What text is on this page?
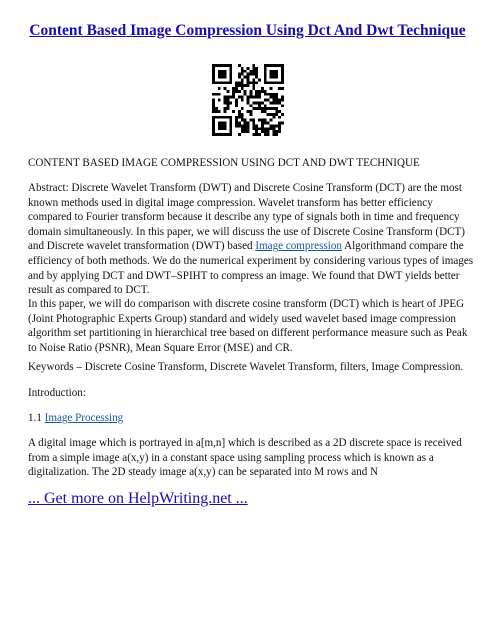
Content Based Image Compression Using Dct And Dwt Technique

CONTENT BASED IMAGE COMPRESSION USING DCT AND DWT TECHNIQUE

Abstract: Discrete Wavelet Transform (DWT) and Discrete Cosine Transform (DCT) are the most

known methods used in digital image compression. Wavelet transform has better efficiency

compared to Fourier transform because it describe any type of signals both in time and frequency

domain simultaneously. In this paper, we will discuss the use of Discrete Cosine Transform (DCT)

and Discrete wavelet transformation (DWT) based Image compression Algorithmand compare the

efficiency of both methods. We do the numerical experiment by considering various types of images

and by applying DCT and DWT–SPIHT to compress an image. We found that DWT yields better

result as compared to DCT.

In this paper, we will do comparison with discrete cosine transform (DCT) which is heart of JPEG

(Joint Photographic Experts Group) standard and widely used wavelet based image compression

algorithm set partitioning in hierarchical tree based on different performance measure such as Peak

to Noise Ratio (PSNR), Mean Square Error (MSE) and CR.

Keywords – Discrete Cosine Transform, Discrete Wavelet Transform, filters, Image Compression.

Introduction:

1.1 Image Processing

A digital image which is portrayed in a[m,n] which is described as a 2D discrete space is received

from a simple image a(x,y) in a constant space using sampling process which is known as a

digitalization. The 2D steady image a(x,y) can be separated into M rows and N

... Get more on HelpWriting.net ...
